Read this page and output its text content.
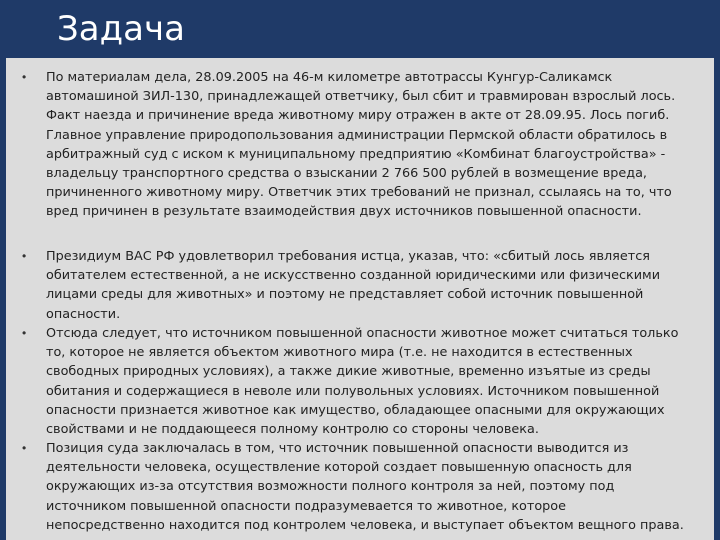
Задача
• По материалам дела, 28.09.2005 на 46-м километре автотрассы Кунгур-Саликамск
автомашиной ЗИЛ-130, принадлежащей ответчику, был сбит и травмирован взрослый лось.
Факт наезда и причинение вреда животному миру отражен в акте от 28.09.95. Лось погиб.
Главное управление природопользования администрации Пермской области обратилось в
арбитражный суд с иском к муниципальному предприятию «Комбинат благоустройства» -
владельцу транспортного средства о взыскании 2 766 500 рублей в возмещение вреда,
причиненного животному миру. Ответчик этих требований не признал, ссылаясь на то, что
вред причинен в результате взаимодействия двух источников повышенной опасности.
• Президиум ВАС РФ удовлетворил требования истца, указав, что: «сбитый лось является
обитателем естественной, а не искусственно созданной юридическими или физическими
лицами среды для животных» и поэтому не представляет собой источник повышенной
опасности.
• Отсюда следует, что источником повышенной опасности животное может считаться только
то, которое не является объектом животного мира (т.е. не находится в естественных
свободных природных условиях), а также дикие животные, временно изъятые из среды
обитания и содержащиеся в неволе или полувольных условиях. Источником повышенной
опасности признается животное как имущество, обладающее опасными для окружающих
свойствами и не поддающееся полному контролю со стороны человека.
• Позиция суда заключалась в том, что источник повышенной опасности выводится из
деятельности человека, осуществление которой создает повышенную опасность для
окружающих из-за отсутствия возможности полного контроля за ней, поэтому под
источником повышенной опасности подразумевается то животное, которое
непосредственно находится под контролем человека, и выступает объектом вещного права.
